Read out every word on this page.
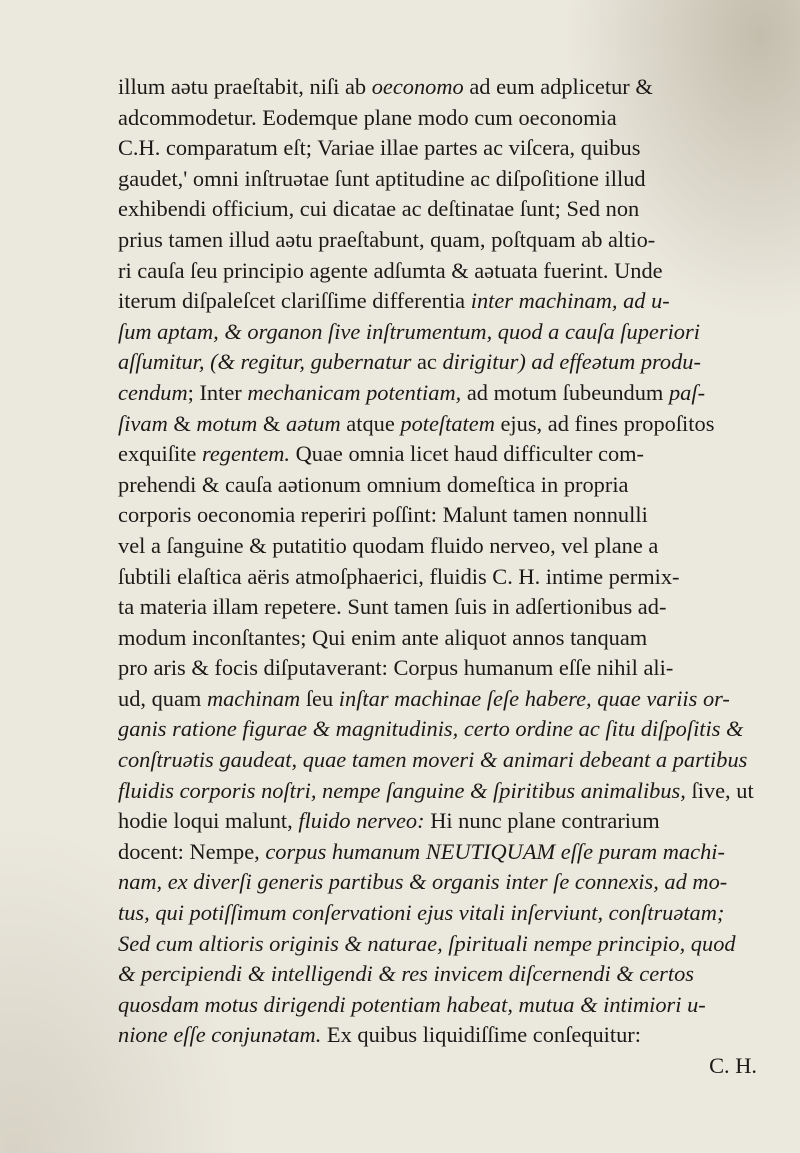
illum aǝtu praeſtabit, niſi ab oeconomo ad eum adplicetur &
adcommodetur. Eodemque plane modo cum oeconomia
C.H. comparatum eſt; Variae illae partes ac viſcera, quibus
gaudet,' omni inſtruǝtae ſunt aptitudine ac diſpoſitione illud
exhibendi officium, cui dicatae ac deſtinatae ſunt; Sed non
prius tamen illud aǝtu praeſtabunt, quam, poſtquam ab altio-
ri cauſa ſeu principio agente adſumta & aǝtuata fuerint. Unde
iterum diſpaleſcet clariſſime differentia inter machinam, ad u-
ſum aptam, & organon ſive inſtrumentum, quod a cauſa ſuperiori
aſſumitur, (& regitur, gubernatur ac dirigitur) ad effeǝtum produ-
cendum; Inter mechanicam potentiam, ad motum ſubeundum paſ-
ſivam & motum & aǝtum atque poteſtatem ejus, ad fines propoſitos
exquiſite regentem. Quae omnia licet haud difficulter com-
prehendi & cauſa aǝtionum omnium domeſtica in propria
corporis oeconomia reperiri poſſint: Malunt tamen nonnulli
vel a ſanguine & putatitio quodam fluido nerveo, vel plane a
ſubtili elaſtica aëris atmoſphaerici, fluidis C. H. intime permix-
ta materia illam repetere. Sunt tamen ſuis in adſertionibus ad-
modum inconſtantes; Qui enim ante aliquot annos tanquam
pro aris & focis diſputaverant: Corpus humanum eſſe nihil ali-
ud, quam machinam ſeu inſtar machinae ſeſe habere, quae variis or-
ganis ratione figurae & magnitudinis, certo ordine ac ſitu diſpoſitis &
conſtruǝtis gaudeat, quae tamen moveri & animari debeant a partibus
fluidis corporis noſtri, nempe ſanguine & ſpiritibus animalibus, ſive, ut
hodie loqui malunt, fluido nerveo: Hi nunc plane contrarium
docent: Nempe, corpus humanum NEUTIQUAM eſſe puram machi-
nam, ex diverſi generis partibus & organis inter ſe connexis, ad mo-
tus, qui potiſſimum conſervationi ejus vitali inſerviunt, conſtruǝtam;
Sed cum altioris originis & naturae, ſpirituali nempe principio, quod
& percipiendi & intelligendi & res invicem diſcernendi & certos
quosdam motus dirigendi potentiam habeat, mutua & intimiori u-
nione eſſe conjunǝtam. Ex quibus liquidiſſime conſequitur:
C. H.
